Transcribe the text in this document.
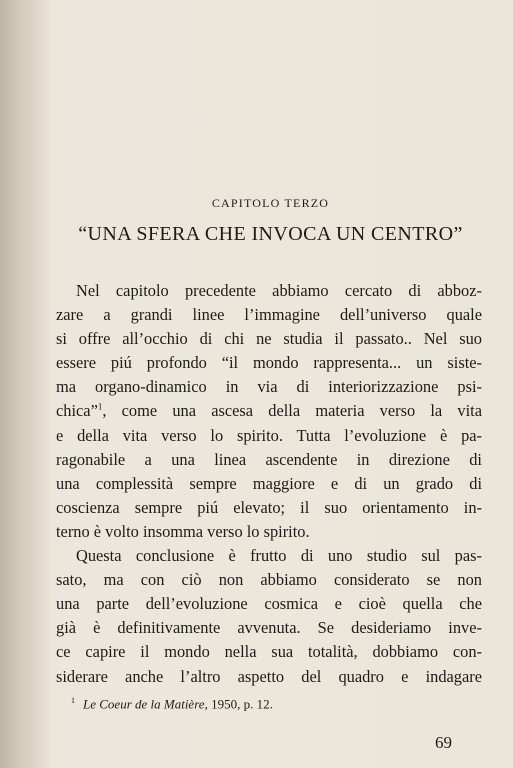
CAPITOLO TERZO
“UNA SFERA CHE INVOCA UN CENTRO”
Nel capitolo precedente abbiamo cercato di abboz-
zare a grandi linee l’immagine dell’universo quale
si offre all’occhio di chi ne studia il passato.. Nel suo
essere piú profondo “il mondo rappresenta... un siste-
ma organo-dinamico in via di interiorizzazione psi-
chica”$^1$, come una ascesa della materia verso la vita
e della vita verso lo spirito. Tutta l’evoluzione è pa-
ragonabile a una linea ascendente in direzione di
una complessità sempre maggiore e di un grado di
coscienza sempre piú elevato; il suo orientamento in-
terno è volto insomma verso lo spirito.
Questa conclusione è frutto di uno studio sul pas-
sato, ma con ciò non abbiamo considerato se non
una parte dell’evoluzione cosmica e cioè quella che
già è definitivamente avvenuta. Se desideriamo inve-
ce capire il mondo nella sua totalità, dobbiamo con-
siderare anche l’altro aspetto del quadro e indagare
$^1$ Le Coeur de la Matière, 1950, p. 12.
69
